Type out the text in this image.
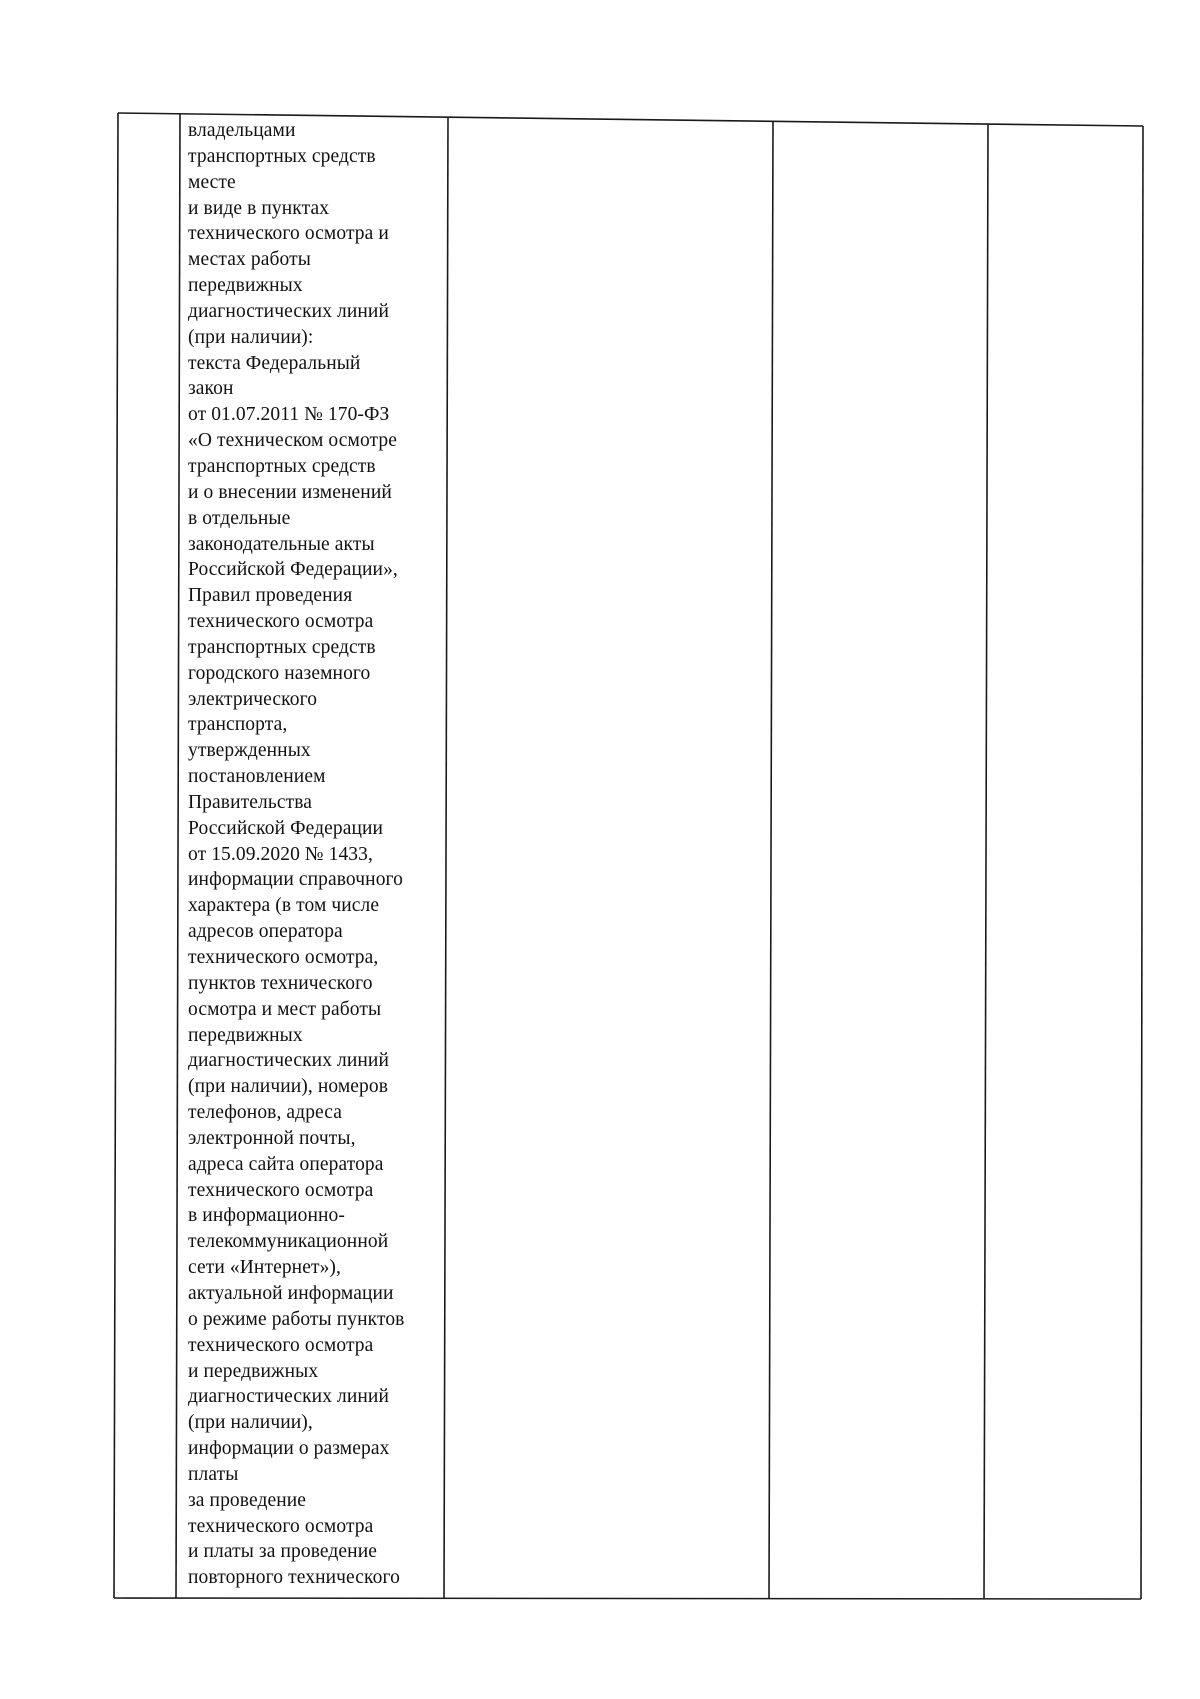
владельцами
транспортных средств
месте
и виде в пунктах
технического осмотра и
местах работы
передвижных
диагностических линий
(при наличии):
текста Федеральный
закон
от 01.07.2011 № 170-ФЗ
«О техническом осмотре
транспортных средств
и о внесении изменений
в отдельные
законодательные акты
Российской Федерации»,
Правил проведения
технического осмотра
транспортных средств
городского наземного
электрического
транспорта,
утвержденных
постановлением
Правительства
Российской Федерации
от 15.09.2020 № 1433,
информации справочного
характера (в том числе
адресов оператора
технического осмотра,
пунктов технического
осмотра и мест работы
передвижных
диагностических линий
(при наличии), номеров
телефонов, адреса
электронной почты,
адреса сайта оператора
технического осмотра
в информационно-
телекоммуникационной
сети «Интернет»),
актуальной информации
о режиме работы пунктов
технического осмотра
и передвижных
диагностических линий
(при наличии),
информации о размерах
платы
за проведение
технического осмотра
и платы за проведение
повторного технического
